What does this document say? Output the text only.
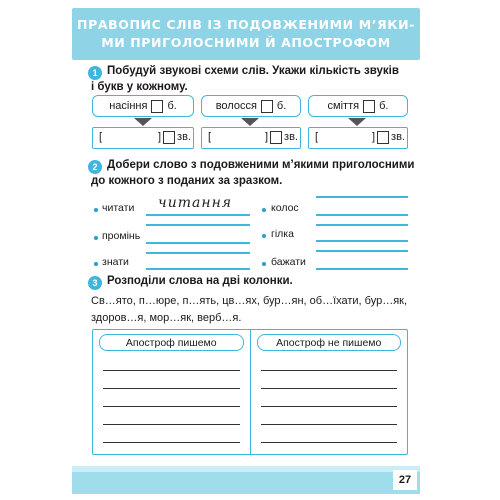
ПРАВОПИС СЛІВ ІЗ ПОДОВЖЕНИМИ М’ЯКИ-
МИ ПРИГОЛОСНИМИ Й АПОСТРОФОМ
1 Побудуй звукові схеми слів. Укажи кількість звуків
і букв у кожному.
насіння б.	волосся б.	сміття б.
[	] зв. [	] зв. [	] зв.
2 Добери слово з подовженими м’якими приголосними
до кожного з поданих за зразком.
читати читання
промінь
знати
колос
гілка
бажати
3 Розподіли слова на дві колонки.
Св…ято, п…юре, п…ять, цв…ях, бур…ян, об…їхати, бур…як,
здоров…я, мор…як, верб…я.
Апостроф пишемо	Апостроф не пишемо
27
